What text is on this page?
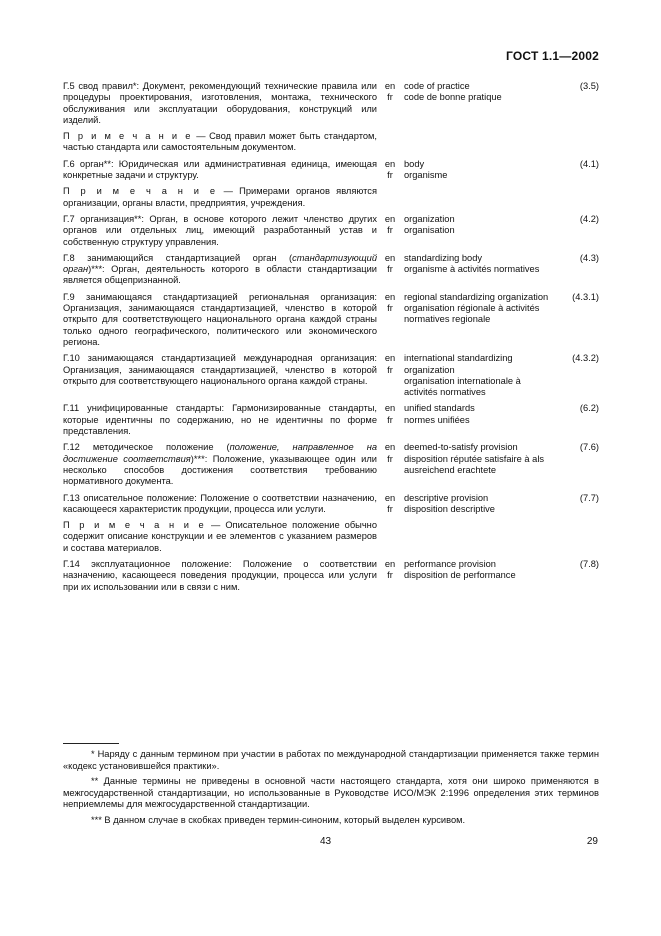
ГОСТ 1.1—2002
Г.5 свод правил*: Документ, рекомендующий технические правила или процедуры проектирования, изготовления, монтажа, технического обслуживания или эксплуатации оборудования, конструкций или изделий.
en
fr
code of practice
code de bonne pratique
(3.5)
П р и м е ч а н и е — Свод правил может быть стандартом, частью стандарта или самостоятельным документом.
Г.6 орган**: Юридическая или административная единица, имеющая конкретные задачи и структуру.
en
fr
body
organisme
(4.1)
П р и м е ч а н и е — Примерами органов являются организации, органы власти, предприятия, учреждения.
Г.7 организация**: Орган, в основе которого лежит членство других органов или отдельных лиц, имеющий разработанный устав и собственную структуру управления.
en
fr
organization
organisation
(4.2)
Г.8 занимающийся стандартизацией орган (стандартизующий орган)***: Орган, деятельность которого в области стандартизации является общепризнанной.
en
fr
standardizing body
organisme à activités normatives
(4.3)
Г.9 занимающаяся стандартизацией региональная организация: Организация, занимающаяся стандартизацией, членство в которой открыто для соответствующего национального органа каждой страны только одного географического, политического или экономического региона.
en
fr
regional standardizing organization
organisation régionale à activités normatives regionale
(4.3.1)
Г.10 занимающаяся стандартизацией международная организация: Организация, занимающаяся стандартизацией, членство в которой открыто для соответствующего национального органа каждой страны.
en
fr
international standardizing organization
organisation internationale à activités normatives
(4.3.2)
Г.11 унифицированные стандарты: Гармонизированные стандарты, которые идентичны по содержанию, но не идентичны по форме представления.
en
fr
unified standards
normes unifiées
(6.2)
Г.12 методическое положение (положение, направленное на достижение соответствия)***: Положение, указывающее один или несколько способов достижения соответствия требованию нормативного документа.
en
fr
deemed-to-satisfy provision
disposition réputée satisfaire à als ausreichend erachtete
(7.6)
Г.13 описательное положение: Положение о соответствии назначению, касающееся характеристик продукции, процесса или услуги.
en
fr
descriptive provision
disposition descriptive
(7.7)
П р и м е ч а н и е — Описательное положение обычно содержит описание конструкции и ее элементов с указанием размеров и состава материалов.
Г.14 эксплуатационное положение: Положение о соответствии назначению, касающееся поведения продукции, процесса или услуги при их использовании или в связи с ним.
en
fr
performance provision
disposition de performance
(7.8)

* Наряду с данным термином при участии в работах по международной стандартизации применяется также термин «кодекс установившейся практики».

** Данные термины не приведены в основной части настоящего стандарта, хотя они широко применяются в межгосударственной стандартизации, но использованные в Руководстве ИСО/МЭК 2:1996 определения этих терминов неприемлемы для межгосударственной стандартизации.

*** В данном случае в скобках приведен термин-синоним, который выделен курсивом.

43	29
